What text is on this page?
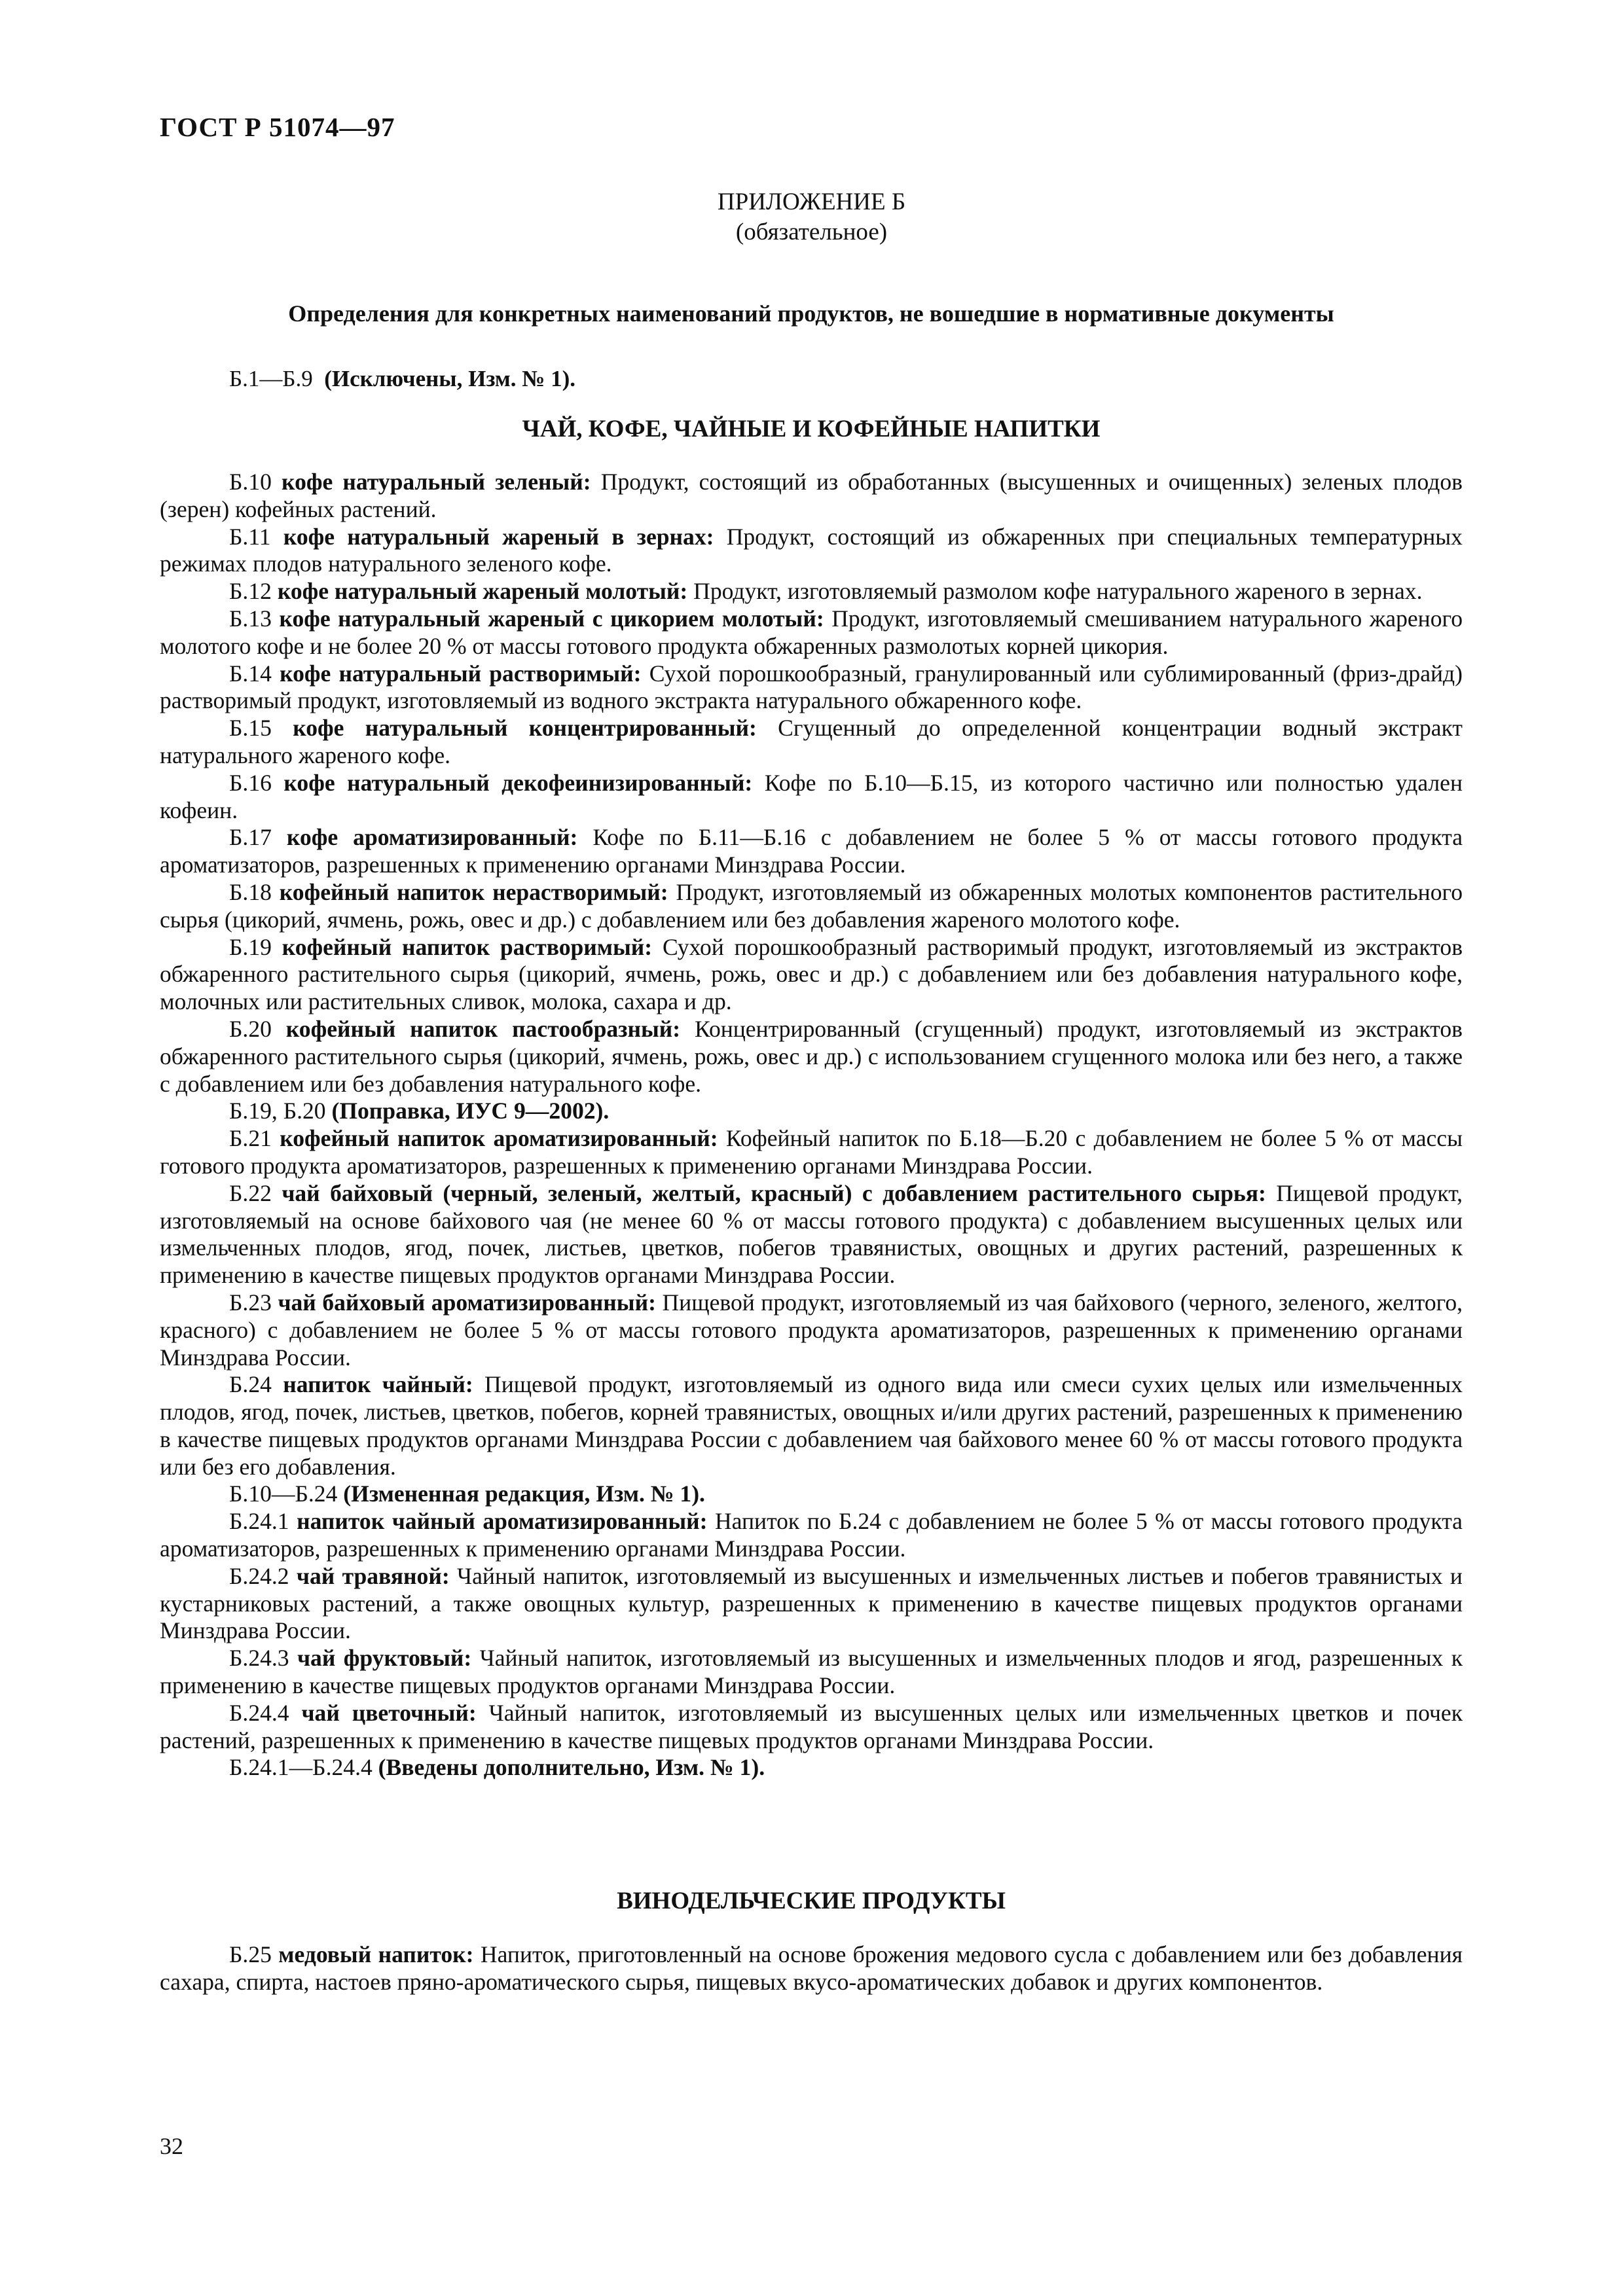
ГОСТ Р 51074—97
ПРИЛОЖЕНИЕ Б
(обязательное)
Определения для конкретных наименований продуктов, не вошедшие в нормативные документы
Б.1—Б.9 (Исключены, Изм. № 1).
ЧАЙ, КОФЕ, ЧАЙНЫЕ И КОФЕЙНЫЕ НАПИТКИ

Б.10 кофе натуральный зеленый: Продукт, состоящий из обработанных (высушенных и очищенных) зеленых плодов (зерен) кофейных растений.

Б.11 кофе натуральный жареный в зернах: Продукт, состоящий из обжаренных при специальных температурных режимах плодов натурального зеленого кофе.

Б.12 кофе натуральный жареный молотый: Продукт, изготовляемый размолом кофе натурального жареного в зернах.

Б.13 кофе натуральный жареный с цикорием молотый: Продукт, изготовляемый смешиванием натурального жареного молотого кофе и не более 20 % от массы готового продукта обжаренных размолотых корней цикория.

Б.14 кофе натуральный растворимый: Сухой порошкообразный, гранулированный или сублимированный (фриз-драйд) растворимый продукт, изготовляемый из водного экстракта натурального обжаренного кофе.

Б.15 кофе натуральный концентрированный: Сгущенный до определенной концентрации водный экстракт натурального жареного кофе.

Б.16 кофе натуральный декофеинизированный: Кофе по Б.10—Б.15, из которого частично или полностью удален кофеин.

Б.17 кофе ароматизированный: Кофе по Б.11—Б.16 с добавлением не более 5 % от массы готового продукта ароматизаторов, разрешенных к применению органами Минздрава России.

Б.18 кофейный напиток нерастворимый: Продукт, изготовляемый из обжаренных молотых компонентов растительного сырья (цикорий, ячмень, рожь, овес и др.) с добавлением или без добавления жареного молотого кофе.

Б.19 кофейный напиток растворимый: Сухой порошкообразный растворимый продукт, изготовляемый из экстрактов обжаренного растительного сырья (цикорий, ячмень, рожь, овес и др.) с добавлением или без добавления натурального кофе, молочных или растительных сливок, молока, сахара и др.

Б.20 кофейный напиток пастообразный: Концентрированный (сгущенный) продукт, изготовляемый из экстрактов обжаренного растительного сырья (цикорий, ячмень, рожь, овес и др.) с использованием сгущенного молока или без него, а также с добавлением или без добавления натурального кофе.

Б.19, Б.20 (Поправка, ИУС 9—2002).

Б.21 кофейный напиток ароматизированный: Кофейный напиток по Б.18—Б.20 с добавлением не более 5 % от массы готового продукта ароматизаторов, разрешенных к применению органами Минздрава России.

Б.22 чай байховый (черный, зеленый, желтый, красный) с добавлением растительного сырья: Пищевой продукт, изготовляемый на основе байхового чая (не менее 60 % от массы готового продукта) с добавлением высушенных целых или измельченных плодов, ягод, почек, листьев, цветков, побегов травянистых, овощных и других растений, разрешенных к применению в качестве пищевых продуктов органами Минздрава России.

Б.23 чай байховый ароматизированный: Пищевой продукт, изготовляемый из чая байхового (черного, зеленого, желтого, красного) с добавлением не более 5 % от массы готового продукта ароматизаторов, разрешенных к применению органами Минздрава России.

Б.24 напиток чайный: Пищевой продукт, изготовляемый из одного вида или смеси сухих целых или измельченных плодов, ягод, почек, листьев, цветков, побегов, корней травянистых, овощных и/или других растений, разрешенных к применению в качестве пищевых продуктов органами Минздрава России с добавлением чая байхового менее 60 % от массы готового продукта или без его добавления.

Б.10—Б.24 (Измененная редакция, Изм. № 1).

Б.24.1 напиток чайный ароматизированный: Напиток по Б.24 с добавлением не более 5 % от массы готового продукта ароматизаторов, разрешенных к применению органами Минздрава России.

Б.24.2 чай травяной: Чайный напиток, изготовляемый из высушенных и измельченных листьев и побегов травянистых и кустарниковых растений, а также овощных культур, разрешенных к применению в качестве пищевых продуктов органами Минздрава России.

Б.24.3 чай фруктовый: Чайный напиток, изготовляемый из высушенных и измельченных плодов и ягод, разрешенных к применению в качестве пищевых продуктов органами Минздрава России.

Б.24.4 чай цветочный: Чайный напиток, изготовляемый из высушенных целых или измельченных цветков и почек растений, разрешенных к применению в качестве пищевых продуктов органами Минздрава России.

Б.24.1—Б.24.4 (Введены дополнительно, Изм. № 1).

ВИНОДЕЛЬЧЕСКИЕ ПРОДУКТЫ

Б.25 медовый напиток: Напиток, приготовленный на основе брожения медового сусла с добавлением или без добавления сахара, спирта, настоев пряно-ароматического сырья, пищевых вкусо-ароматических добавок и других компонентов.

32
